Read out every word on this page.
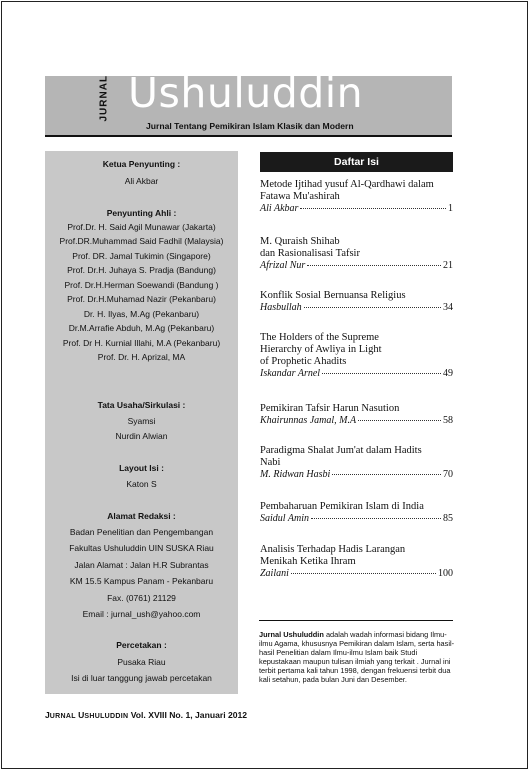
JURNAL Ushuluddin
Jurnal Tentang Pemikiran Islam Klasik dan Modern
Ketua Penyunting :
Ali Akbar
Penyunting Ahli :
Prof.Dr. H. Said Agil Munawar (Jakarta)
Prof.DR.Muhammad Said Fadhil (Malaysia)
Prof. DR. Jamal Tukimin (Singapore)
Prof. Dr.H. Juhaya S. Pradja (Bandung)
Prof. Dr.H.Herman Soewandi (Bandung )
Prof. Dr.H.Muhamad Nazir (Pekanbaru)
Dr. H. Ilyas, M.Ag (Pekanbaru)
Dr.M.Arrafie Abduh, M.Ag (Pekanbaru)
Prof. Dr H. Kurnial Illahi, M.A (Pekanbaru)
Prof. Dr. H. Aprizal, MA
Tata Usaha/Sirkulasi :
Syamsi
Nurdin Alwian
Layout Isi :
Katon S
Alamat Redaksi :
Badan Penelitian dan Pengembangan
Fakultas Ushuluddin UIN SUSKA Riau
Jalan Alamat : Jalan H.R Subrantas
KM 15.5 Kampus Panam - Pekanbaru
Fax. (0761) 21129
Email : jurnal_ush@yahoo.com
Percetakan :
Pusaka Riau
Isi di luar tanggung jawab percetakan
Daftar Isi
Metode Ijtihad yusuf Al-Qardhawi dalam
Fatawa Mu'ashirah
Ali Akbar	1
M. Quraish Shihab
dan Rasionalisasi Tafsir
Afrizal Nur	21
Konflik Sosial Bernuansa Religius
Hasbullah	34
The Holders of the Supreme
Hierarchy of Awliya in Light
of Prophetic Ahadits
Iskandar Arnel	49
Pemikiran Tafsir Harun Nasution
Khairunnas Jamal, M.A	58
Paradigma Shalat Jum'at dalam Hadits
Nabi
M. Ridwan Hasbi	70
Pembaharuan Pemikiran Islam di India
Saidul Amin	85
Analisis Terhadap Hadis Larangan
Menikah Ketika Ihram
Zailani	100
Jurnal Ushuluddin adalah wadah informasi bidang Ilmu-ilmu Agama, khususnya Pemikiran dalam Islam, serta hasil-hasil Penelitian dalam Ilmu-ilmu Islam baik Studi kepustakaan maupun tulisan ilmiah yang terkait . Jurnal ini terbit pertama kali tahun 1998, dengan frekuensi terbit dua kali setahun, pada bulan Juni dan Desember.
JURNAL USHULUDDIN Vol. XVIII No. 1, Januari 2012
